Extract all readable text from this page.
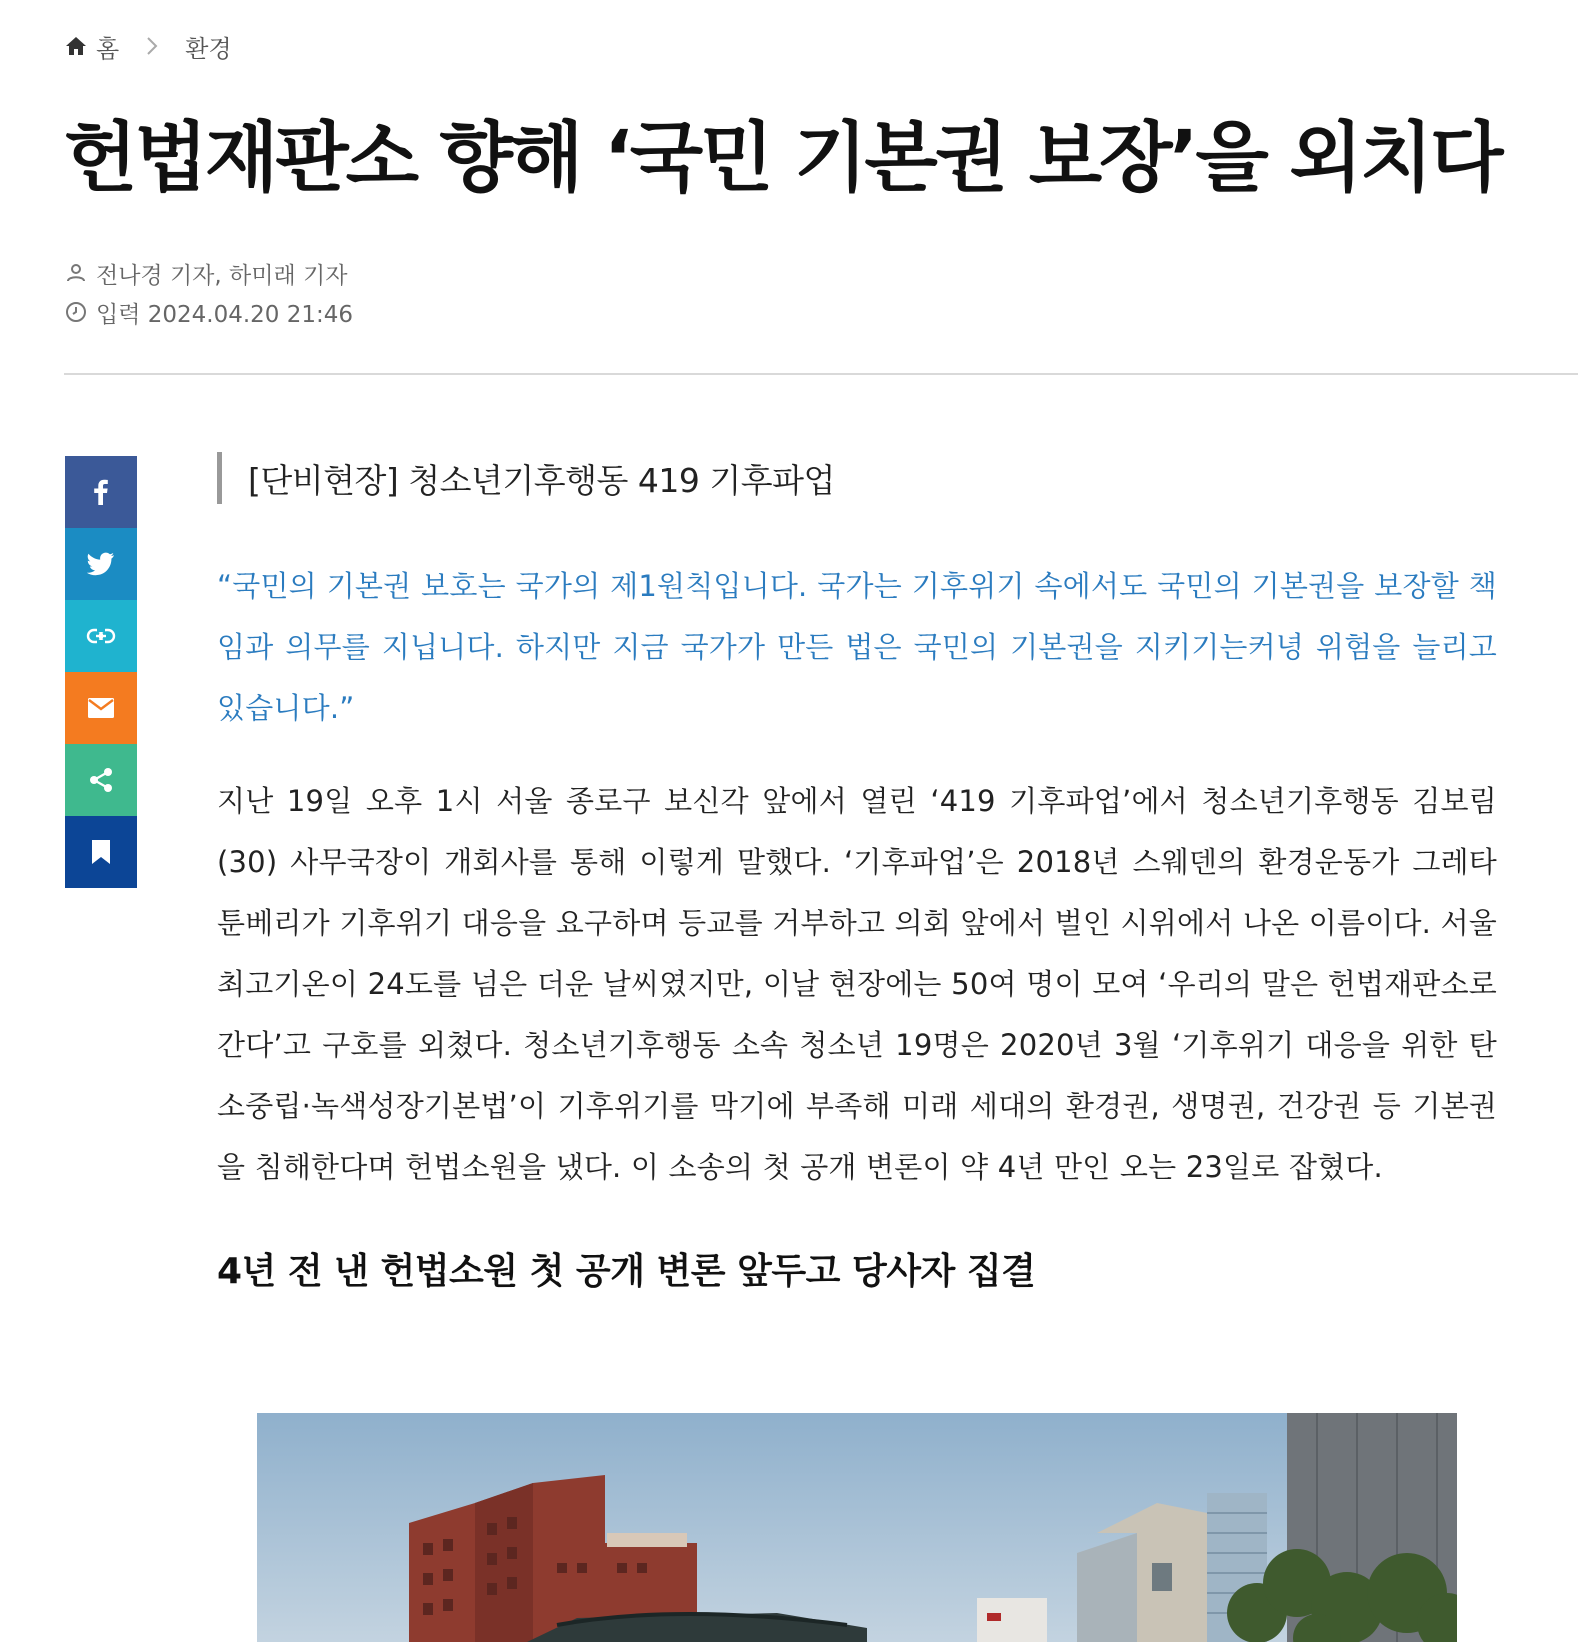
홈	환경
헌법재판소 향해 ‘국민 기본권 보장’을 외치다
전나경 기자, 하미래 기자
입력 2024.04.20 21:46
[단비현장] 청소년기후행동 419 기후파업

“국민의 기본권 보호는 국가의 제1원칙입니다. 국가는 기후위기 속에서도 국민의 기본권을 보장할 책임과 의무를 지닙니다. 하지만 지금 국가가 만든 법은 국민의 기본권을 지키기는커녕 위험을 늘리고 있습니다.”

지난 19일 오후 1시 서울 종로구 보신각 앞에서 열린 ‘419 기후파업’에서 청소년기후행동 김보림(30) 사무국장이 개회사를 통해 이렇게 말했다. ‘기후파업’은 2018년 스웨덴의 환경운동가 그레타 툰베리가 기후위기 대응을 요구하며 등교를 거부하고 의회 앞에서 벌인 시위에서 나온 이름이다. 서울 최고기온이 24도를 넘은 더운 날씨였지만, 이날 현장에는 50여 명이 모여 ‘우리의 말은 헌법재판소로 간다’고 구호를 외쳤다. 청소년기후행동 소속 청소년 19명은 2020년 3월 ‘기후위기 대응을 위한 탄소중립·녹색성장기본법’이 기후위기를 막기에 부족해 미래 세대의 환경권, 생명권, 건강권 등 기본권을 침해한다며 헌법소원을 냈다. 이 소송의 첫 공개 변론이 약 4년 만인 오는 23일로 잡혔다.

4년 전 낸 헌법소원 첫 공개 변론 앞두고 당사자 집결
